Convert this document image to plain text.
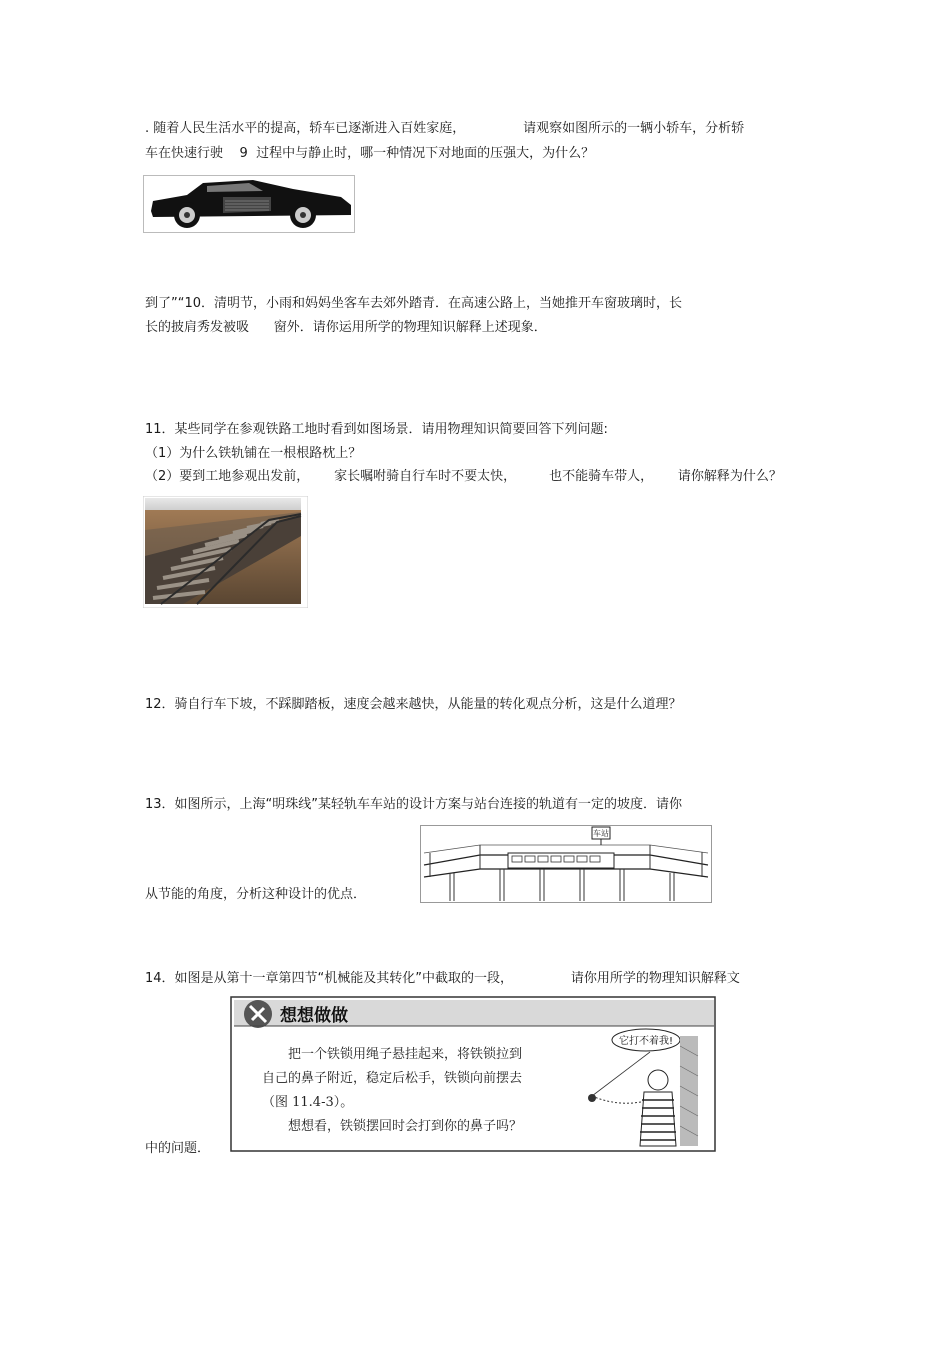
. 随着人民生活水平的提高，轿车已逐渐进入百姓家庭，              请观察如图所示的一辆小轿车，分析轿
车在快速行驶    9  过程中与静止时，哪一种情况下对地面的压强大，为什么？
到了”“10．清明节，小雨和妈妈坐客车去郊外踏青．在高速公路上，当她推开车窗玻璃时，长
长的披肩秀发被吸      窗外．请你运用所学的物理知识解释上述现象．
11．某些同学在参观铁路工地时看到如图场景．请用物理知识简要回答下列问题:
（1）为什么铁轨铺在一根根路枕上？
（2）要到工地参观出发前，      家长嘱咐骑自行车时不要太快，        也不能骑车带人，      请你解释为什么？
12．骑自行车下坡，不踩脚踏板，速度会越来越快，从能量的转化观点分析，这是什么道理？
13．如图所示，上海“明珠线”某轻轨车车站的设计方案与站台连接的轨道有一定的坡度．请你
车站
从节能的角度，分析这种设计的优点．
14．如图是从第十一章第四节“机械能及其转化”中截取的一段，              请你用所学的物理知识解释文
想想做做
把一个铁锁用绳子悬挂起来，将铁锁拉到
自己的鼻子附近，稳定后松手，铁锁向前摆去
（图 11.4-3）。
想想看，铁锁摆回时会打到你的鼻子吗？
它打不着我!
中的问题．
